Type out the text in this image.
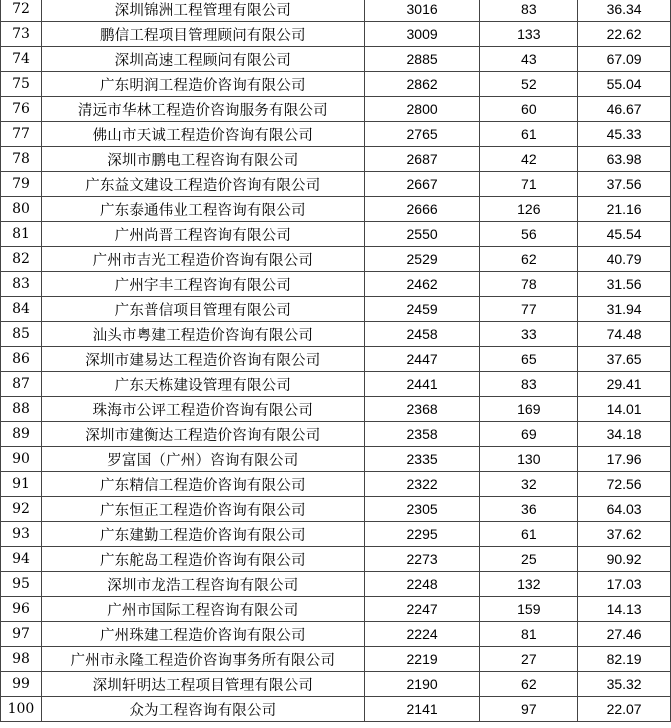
72	深圳锦洲工程管理有限公司	3016	83	36.34
73	鹏信工程项目管理顾问有限公司	3009	133	22.62
74	深圳高速工程顾问有限公司	2885	43	67.09
75	广东明润工程造价咨询有限公司	2862	52	55.04
76	清远市华林工程造价咨询服务有限公司	2800	60	46.67
77	佛山市天诚工程造价咨询有限公司	2765	61	45.33
78	深圳市鹏电工程咨询有限公司	2687	42	63.98
79	广东益文建设工程造价咨询有限公司	2667	71	37.56
80	广东泰通伟业工程咨询有限公司	2666	126	21.16
81	广州尚晋工程咨询有限公司	2550	56	45.54
82	广州市吉光工程造价咨询有限公司	2529	62	40.79
83	广州宇丰工程咨询有限公司	2462	78	31.56
84	广东普信项目管理有限公司	2459	77	31.94
85	汕头市粤建工程造价咨询有限公司	2458	33	74.48
86	深圳市建易达工程造价咨询有限公司	2447	65	37.65
87	广东天栋建设管理有限公司	2441	83	29.41
88	珠海市公评工程造价咨询有限公司	2368	169	14.01
89	深圳市建衡达工程造价咨询有限公司	2358	69	34.18
90	罗富国（广州）咨询有限公司	2335	130	17.96
91	广东精信工程造价咨询有限公司	2322	32	72.56
92	广东恒正工程造价咨询有限公司	2305	36	64.03
93	广东建勤工程造价咨询有限公司	2295	61	37.62
94	广东舵岛工程造价咨询有限公司	2273	25	90.92
95	深圳市龙浩工程咨询有限公司	2248	132	17.03
96	广州市国际工程咨询有限公司	2247	159	14.13
97	广州珠建工程造价咨询有限公司	2224	81	27.46
98	广州市永隆工程造价咨询事务所有限公司	2219	27	82.19
99	深圳轩明达工程项目管理有限公司	2190	62	35.32
100	众为工程咨询有限公司	2141	97	22.07
